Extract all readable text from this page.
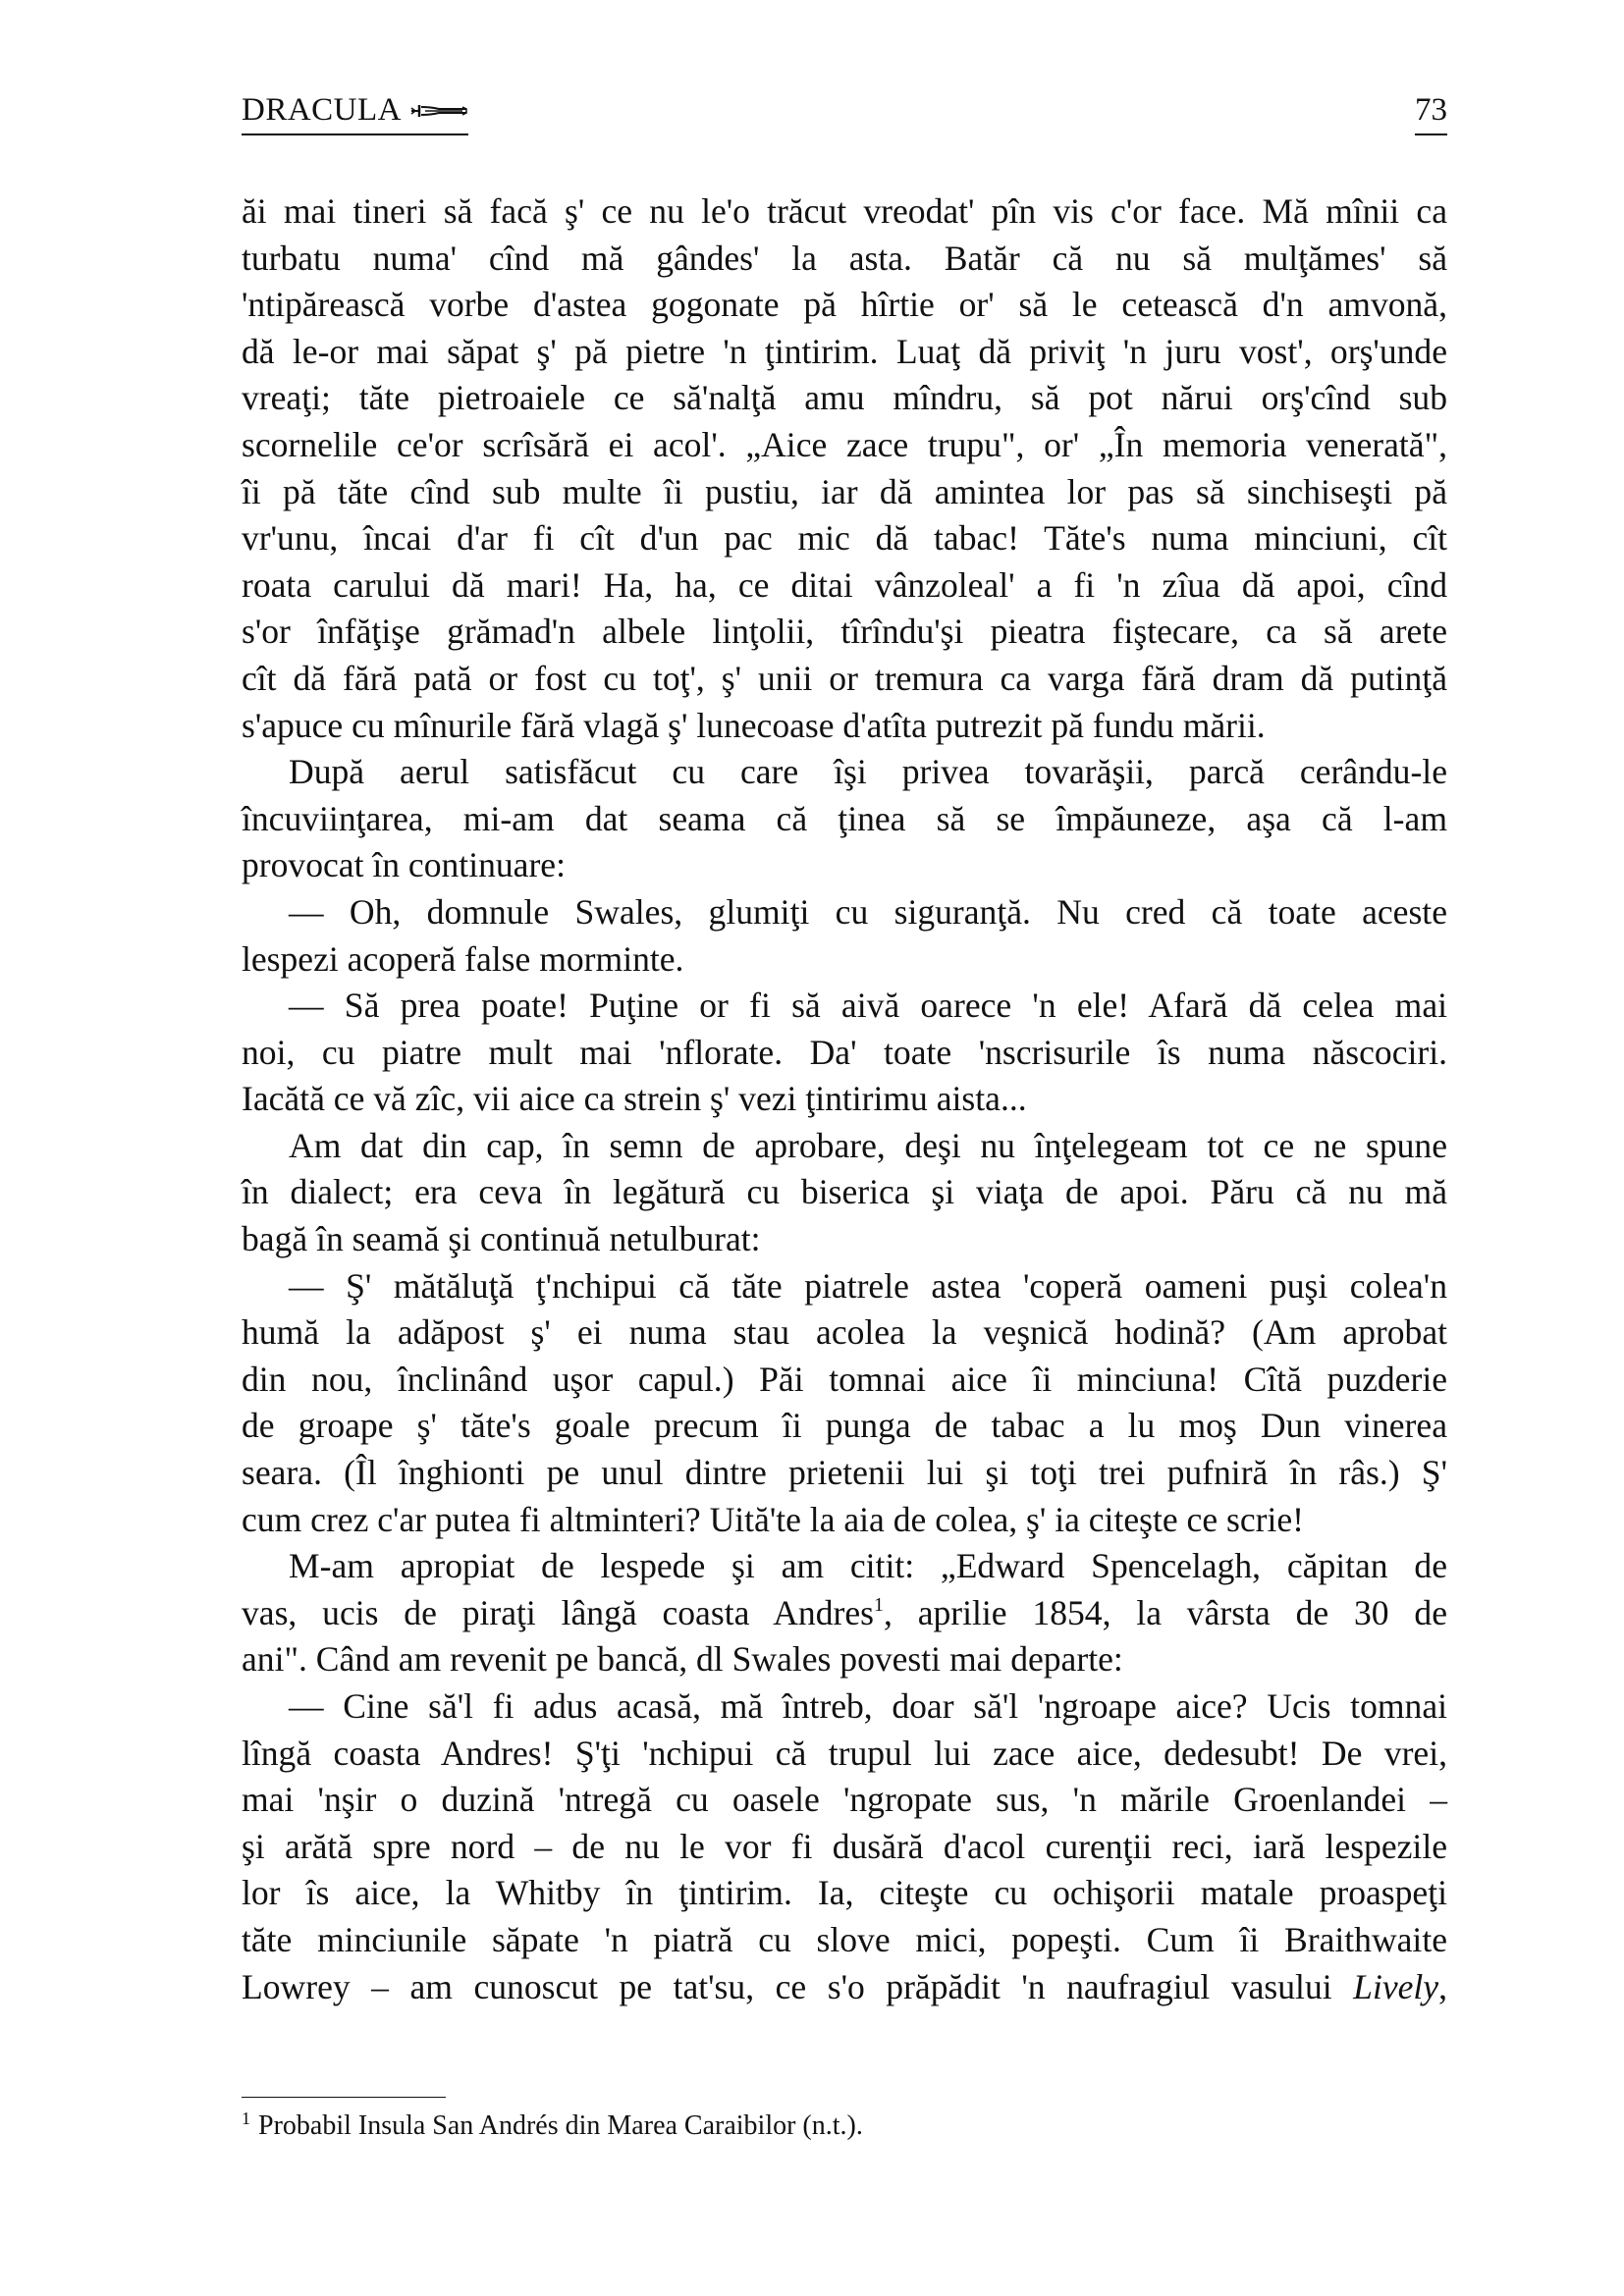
DRACULA	73

ăi mai tineri să facă ş' ce nu le'o trăcut vreodat' pîn vis c'or face. Mă mînii ca
turbatu numa' cînd mă gândes' la asta. Batăr că nu să mulţămes' să
'ntipărească vorbe d'astea gogonate pă hîrtie or' să le cetească d'n amvonă,
dă le-or mai săpat ş' pă pietre 'n ţintirim. Luaţ dă priviţ 'n juru vost', orş'unde
vreaţi; tăte pietroaiele ce să'nalţă amu mîndru, să pot nărui orş'cînd sub
scornelile ce'or scrîsără ei acol'. „Aice zace trupu", or' „În memoria venerată",
îi pă tăte cînd sub multe îi pustiu, iar dă amintea lor pas să sinchiseşti pă
vr'unu, încai d'ar fi cît d'un pac mic dă tabac! Tăte's numa minciuni, cît
roata carului dă mari! Ha, ha, ce ditai vânzoleal' a fi 'n zîua dă apoi, cînd
s'or înfăţişe grămad'n albele linţolii, tîrîndu'şi pieatra fiştecare, ca să arete
cît dă fără pată or fost cu toţ', ş' unii or tremura ca varga fără dram dă putinţă
s'apuce cu mînurile fără vlagă ş' lunecoase d'atîta putrezit pă fundu mării.

După aerul satisfăcut cu care îşi privea tovarăşii, parcă cerându-le
încuviinţarea, mi-am dat seama că ţinea să se împăuneze, aşa că l-am
provocat în continuare:

— Oh, domnule Swales, glumiţi cu siguranţă. Nu cred că toate aceste
lespezi acoperă false morminte.

— Să prea poate! Puţine or fi să aivă oarece 'n ele! Afară dă celea mai
noi, cu piatre mult mai 'nflorate. Da' toate 'nscrisurile îs numa născociri.
Iacătă ce vă zîc, vii aice ca strein ş' vezi ţintirimu aista...

Am dat din cap, în semn de aprobare, deşi nu înţelegeam tot ce ne spune
în dialect; era ceva în legătură cu biserica şi viaţa de apoi. Păru că nu mă
bagă în seamă şi continuă netulburat:

— Ş' mătăluţă ţ'nchipui că tăte piatrele astea 'coperă oameni puşi colea'n
humă la adăpost ş' ei numa stau acolea la veşnică hodină? (Am aprobat
din nou, înclinând uşor capul.) Păi tomnai aice îi minciuna! Cîtă puzderie
de groape ş' tăte's goale precum îi punga de tabac a lu moş Dun vinerea
seara. (Îl înghionti pe unul dintre prietenii lui şi toţi trei pufniră în râs.) Ş'
cum crez c'ar putea fi altminteri? Uită'te la aia de colea, ş' ia citeşte ce scrie!

M-am apropiat de lespede şi am citit: „Edward Spencelagh, căpitan de
vas, ucis de piraţi lângă coasta Andres$^1$, aprilie 1854, la vârsta de 30 de
ani". Când am revenit pe bancă, dl Swales povesti mai departe:

— Cine să'l fi adus acasă, mă întreb, doar să'l 'ngroape aice? Ucis tomnai
lîngă coasta Andres! Ş'ţi 'nchipui că trupul lui zace aice, dedesubt! De vrei,
mai 'nşir o duzină 'ntregă cu oasele 'ngropate sus, 'n mările Groenlandei –
şi arătă spre nord – de nu le vor fi dusără d'acol curenţii reci, iară lespezile
lor îs aice, la Whitby în ţintirim. Ia, citeşte cu ochişorii matale proaspeţi
tăte minciunile săpate 'n piatră cu slove mici, popeşti. Cum îi Braithwaite
Lowrey – am cunoscut pe tat'su, ce s'o prăpădit 'n naufragiul vasului Lively,

$^1$ Probabil Insula San Andrés din Marea Caraibilor (n.t.).
